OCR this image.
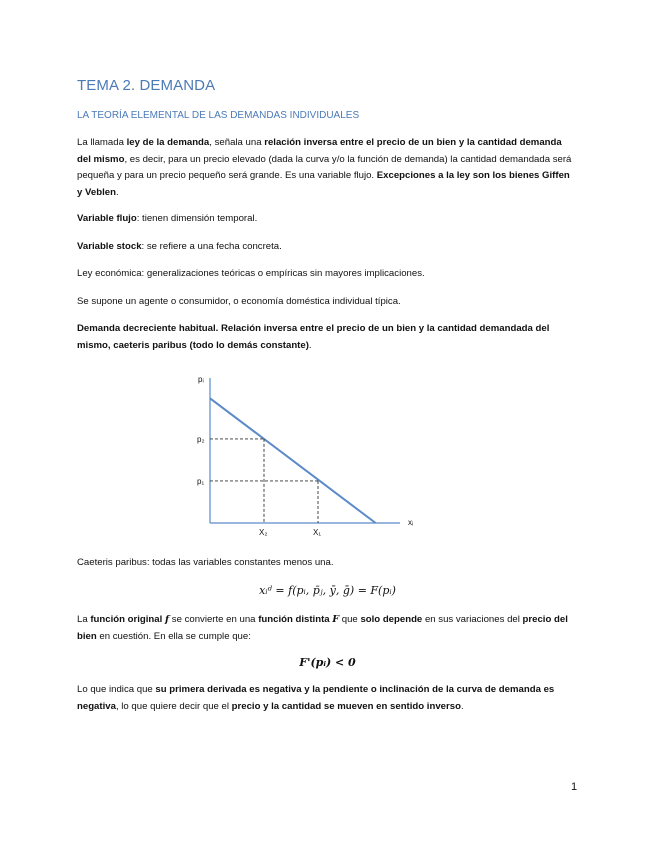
TEMA 2. DEMANDA
LA TEORÍA ELEMENTAL DE LAS DEMANDAS INDIVIDUALES

La llamada ley de la demanda, señala una relación inversa entre el precio de un bien y la cantidad demanda del mismo, es decir, para un precio elevado (dada la curva y/o la función de demanda) la cantidad demandada será pequeña y para un precio pequeño será grande. Es una variable flujo. Excepciones a la ley son los bienes Giffen y Veblen.

Variable flujo: tienen dimensión temporal.

Variable stock: se refiere a una fecha concreta.

Ley económica: generalizaciones teóricas o empíricas sin mayores implicaciones.

Se supone un agente o consumidor, o economía doméstica individual típica.

Demanda decreciente habitual. Relación inversa entre el precio de un bien y la cantidad demandada del mismo, caeteris paribus (todo lo demás constante).

pᵢ
xᵢ
p₂
X₂
p₁
X₁

Caeteris paribus: todas las variables constantes menos una.

xᵢᵈ = f(pᵢ, p̄ⱼ, ȳ, ḡ) = F(pᵢ)

La función original f se convierte en una función distinta F que solo depende en sus variaciones del precio del bien en cuestión. En ella se cumple que:

F'(pᵢ) < 0

Lo que indica que su primera derivada es negativa y la pendiente o inclinación de la curva de demanda es negativa, lo que quiere decir que el precio y la cantidad se mueven en sentido inverso.

1
